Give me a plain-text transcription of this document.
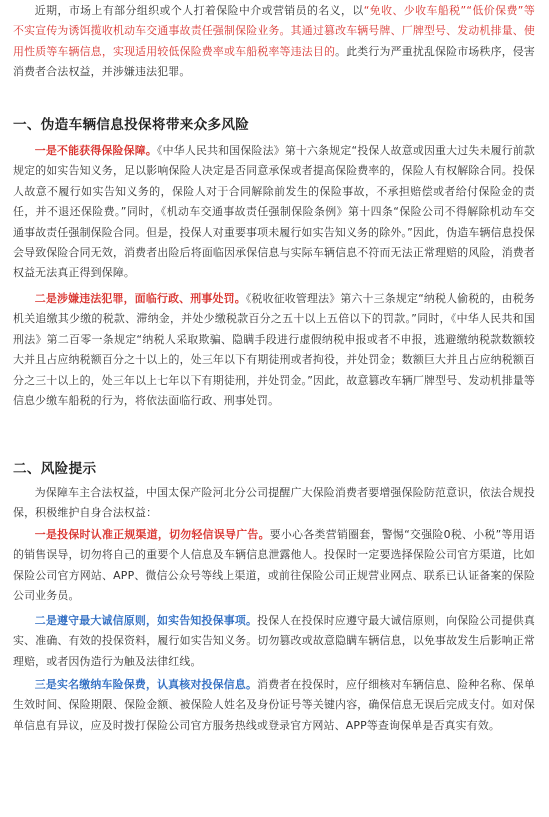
近期，市场上有部分组织或个人打着保险中介或营销员的名义，以“免收、少收车船税”“低价保费”等不实宣传为诱饵揽收机动车交通事故责任强制保险业务。其通过篡改车辆号牌、厂牌型号、发动机排量、使用性质等车辆信息，实现适用较低保险费率或车船税率等违法目的。此类行为严重扰乱保险市场秩序，侵害消费者合法权益，并涉嫌违法犯罪。

一、伪造车辆信息投保将带来众多风险

一是不能获得保险保障。《中华人民共和国保险法》第十六条规定“投保人故意或因重大过失未履行前款规定的如实告知义务，足以影响保险人决定是否同意承保或者提高保险费率的，保险人有权解除合同。投保人故意不履行如实告知义务的，保险人对于合同解除前发生的保险事故，不承担赔偿或者给付保险金的责任，并不退还保险费。”同时，《机动车交通事故责任强制保险条例》第十四条“保险公司不得解除机动车交通事故责任强制保险合同。但是，投保人对重要事项未履行如实告知义务的除外。”因此，伪造车辆信息投保会导致保险合同无效，消费者出险后将面临因承保信息与实际车辆信息不符而无法正常理赔的风险，消费者权益无法真正得到保障。

二是涉嫌违法犯罪，面临行政、刑事处罚。《税收征收管理法》第六十三条规定“纳税人偷税的，由税务机关追缴其少缴的税款、滞纳金，并处少缴税款百分之五十以上五倍以下的罚款。”同时，《中华人民共和国刑法》第二百零一条规定“纳税人采取欺骗、隐瞒手段进行虚假纳税申报或者不申报，逃避缴纳税款数额较大并且占应纳税额百分之十以上的，处三年以下有期徒刑或者拘役，并处罚金；数额巨大并且占应纳税额百分之三十以上的，处三年以上七年以下有期徒刑，并处罚金。”因此，故意篡改车辆厂牌型号、发动机排量等信息少缴车船税的行为，将依法面临行政、刑事处罚。

二、风险提示

为保障车主合法权益，中国太保产险河北分公司提醒广大保险消费者要增强保险防范意识，依法合规投保，积极维护自身合法权益：

一是投保时认准正规渠道，切勿轻信误导广告。要小心各类营销圈套，警惕“交强险0税、小税”等用语的销售误导，切勿将自己的重要个人信息及车辆信息泄露他人。投保时一定要选择保险公司官方渠道，比如保险公司官方网站、APP、微信公众号等线上渠道，或前往保险公司正规营业网点、联系已认证备案的保险公司业务员。

二是遵守最大诚信原则，如实告知投保事项。投保人在投保时应遵守最大诚信原则，向保险公司提供真实、准确、有效的投保资料，履行如实告知义务。切勿篡改或故意隐瞒车辆信息，以免事故发生后影响正常理赔，或者因伪造行为触及法律红线。

三是实名缴纳车险保费，认真核对投保信息。消费者在投保时，应仔细核对车辆信息、险种名称、保单生效时间、保险期限、保险金额、被保险人姓名及身份证号等关键内容，确保信息无误后完成支付。如对保单信息有异议，应及时拨打保险公司官方服务热线或登录官方网站、APP等查询保单是否真实有效。
